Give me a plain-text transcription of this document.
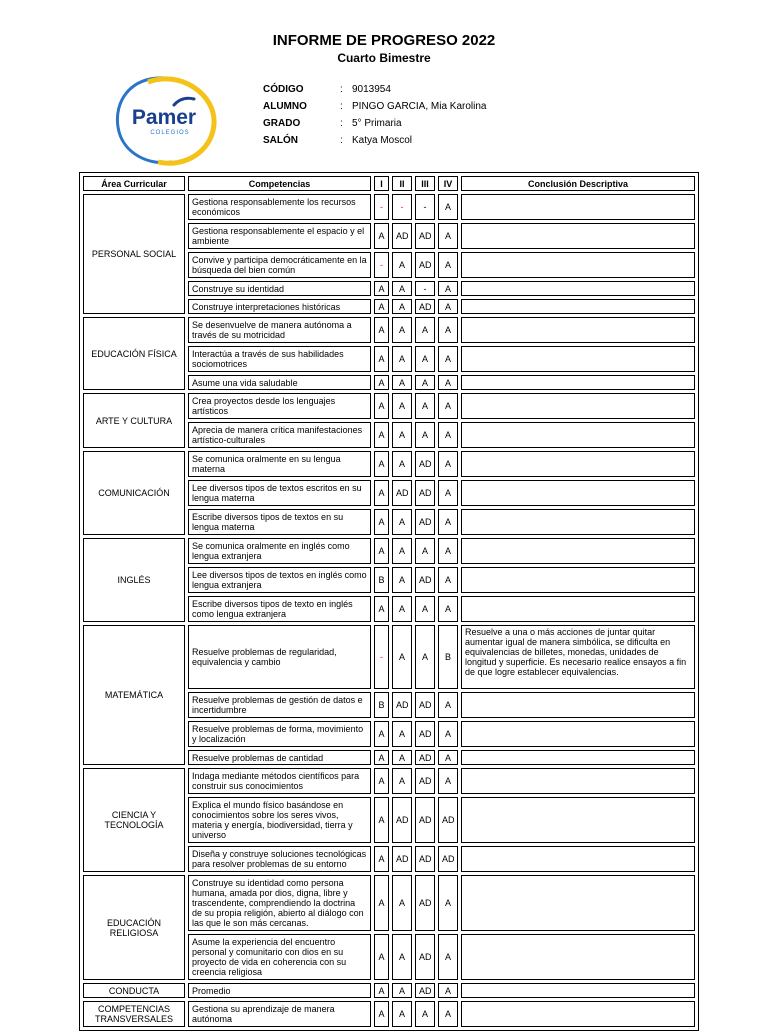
INFORME DE PROGRESO 2022
Cuarto Bimestre
Pamer
COLEGIOS
CÓDIGO	: 9013954
ALUMNO	: PINGO GARCIA, Mia Karolina
GRADO	: 5° Primaria
SALÓN	: Katya Moscol
Área Curricular	Competencias	I	II	III	IV	Conclusión Descriptiva
PERSONAL SOCIAL	Gestiona responsablemente los recursos económicos	-	-	-	A	
	Gestiona responsablemente el espacio y el ambiente	A	AD	AD	A	
	Convive y participa democráticamente en la búsqueda del bien común	-	A	AD	A	
	Construye su identidad	A	A	-	A	
	Construye interpretaciones históricas	A	A	AD	A	
EDUCACIÓN FÍSICA	Se desenvuelve de manera autónoma a través de su motricidad	A	A	A	A	
	Interactúa a través de sus habilidades sociomotrices	A	A	A	A	
	Asume una vida saludable	A	A	A	A	
ARTE Y CULTURA	Crea proyectos desde los lenguajes artísticos	A	A	A	A	
	Aprecia de manera crítica manifestaciones artístico-culturales	A	A	A	A	
COMUNICACIÓN	Se comunica oralmente en su lengua materna	A	A	AD	A	
	Lee diversos tipos de textos escritos en su lengua materna	A	AD	AD	A	
	Escribe diversos tipos de textos en su lengua materna	A	A	AD	A	
INGLÉS	Se comunica oralmente en inglés como lengua extranjera	A	A	A	A	
	Lee diversos tipos de textos en inglés como lengua extranjera	B	A	AD	A	
	Escribe diversos tipos de texto en inglés como lengua extranjera	A	A	A	A	
MATEMÁTICA	Resuelve problemas de regularidad, equivalencia y cambio	-	A	A	B	Resuelve a una o más acciones de juntar quitar aumentar igual de manera simbólica, se dificulta en equivalencias de billetes, monedas, unidades de longitud y superficie. Es necesario realice ensayos a fin de que logre establecer equivalencias.
	Resuelve problemas de gestión de datos e incertidumbre	B	AD	AD	A	
	Resuelve problemas de forma, movimiento y localización	A	A	AD	A	
	Resuelve problemas de cantidad	A	A	AD	A	
CIENCIA Y TECNOLOGÍA	Indaga mediante métodos científicos para construir sus conocimientos	A	A	AD	A	
	Explica el mundo físico basándose en conocimientos sobre los seres vivos, materia y energía, biodiversidad, tierra y universo	A	AD	AD	AD	
	Diseña y construye soluciones tecnológicas para resolver problemas de su entorno	A	AD	AD	AD	
EDUCACIÓN RELIGIOSA	Construye su identidad como persona humana, amada por dios, digna, libre y trascendente, comprendiendo la doctrina de su propia religión, abierto al diálogo con las que le son más cercanas.	A	A	AD	A	
	Asume la experiencia del encuentro personal y comunitario con dios en su proyecto de vida en coherencia con su creencia religiosa	A	A	AD	A	
CONDUCTA	Promedio	A	A	AD	A	
COMPETENCIAS TRANSVERSALES	Gestiona su aprendizaje de manera autónoma	A	A	A	A	
